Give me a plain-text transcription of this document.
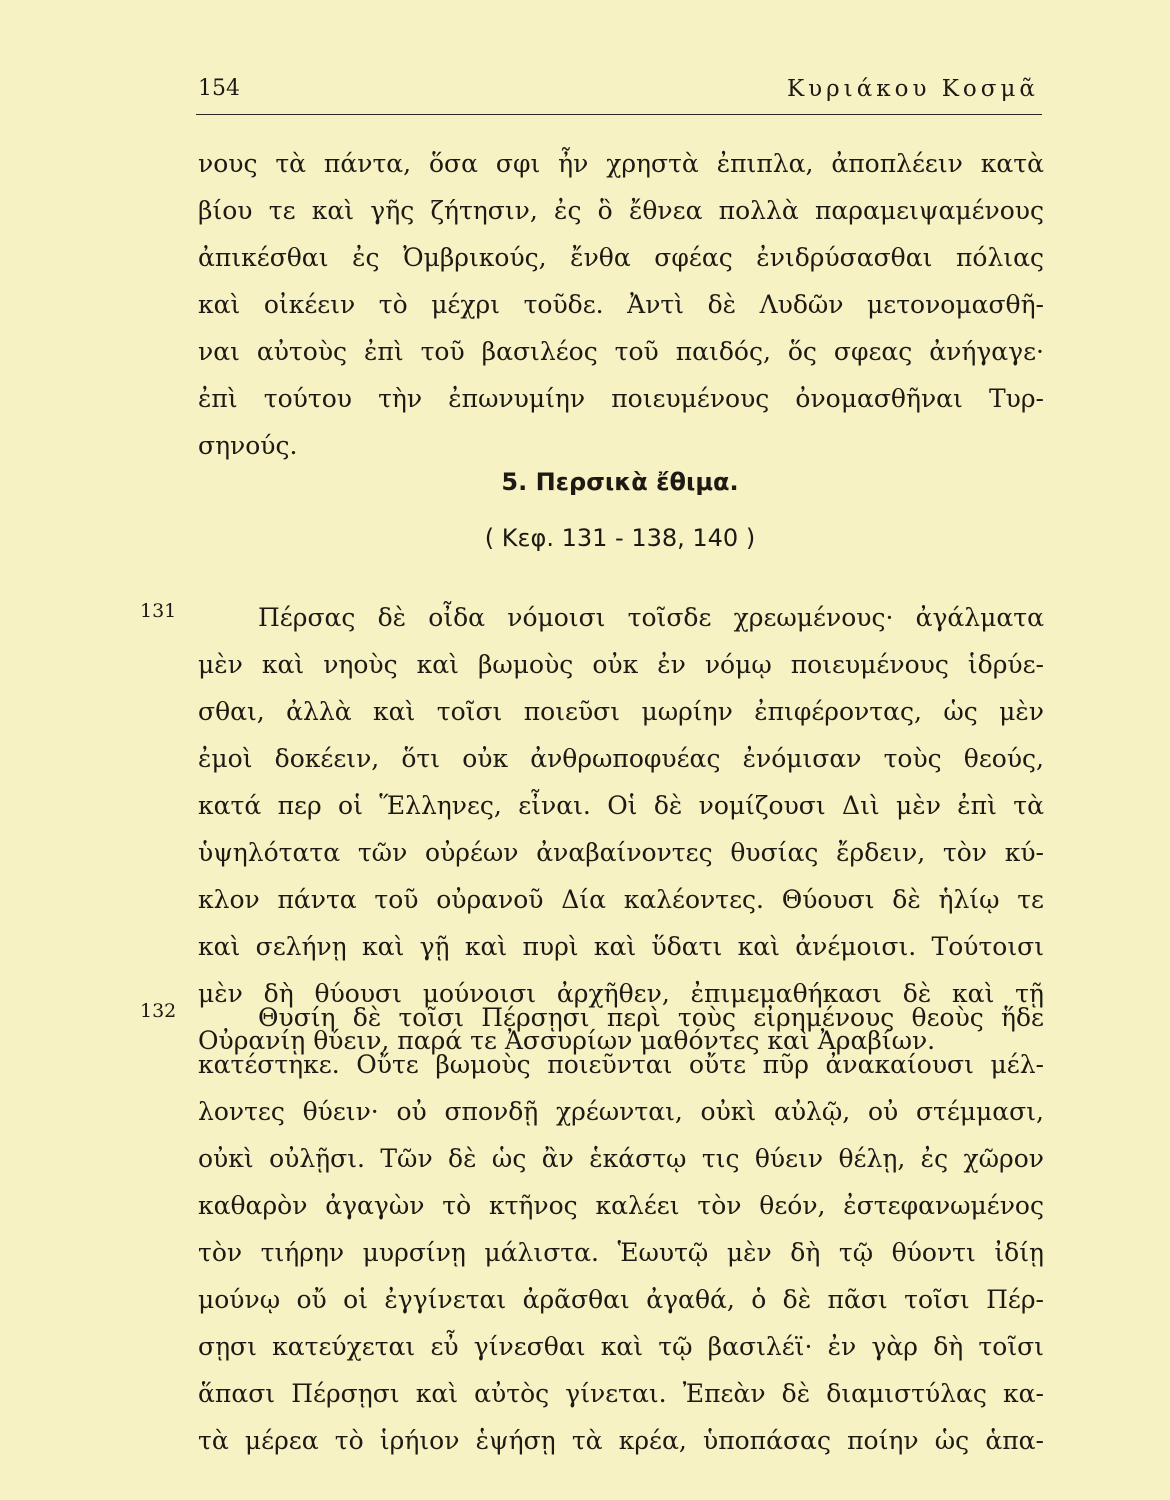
154	Κυριάκου Κοσμᾶ
νους τὰ πάντα, ὅσα σφι ἦν χρηστὰ ἐπιπλα, ἀποπλέειν κατὰ
βίου τε καὶ γῆς ζήτησιν, ἐς ὃ ἔθνεα πολλὰ παραμειψαμένους
ἀπικέσθαι ἐς Ὀμβρικούς, ἔνθα σφέας ἐνιδρύσασθαι πόλιας
καὶ οἰκέειν τὸ μέχρι τοῦδε. Ἀντὶ δὲ Λυδῶν μετονομασθῆ-
ναι αὐτοὺς ἐπὶ τοῦ βασιλέος τοῦ παιδός, ὅς σφεας ἀνήγαγε·
ἐπὶ τούτου τὴν ἐπωνυμίην ποιευμένους ὀνομασθῆναι Τυρ-
σηνούς.
5. Περσικὰ ἔθιμα.
( Κεφ. 131 - 138, 140 )
131	Πέρσας δὲ οἶδα νόμοισι τοῖσδε χρεωμένους· ἀγάλματα
μὲν καὶ νηοὺς καὶ βωμοὺς οὐκ ἐν νόμῳ ποιευμένους ἱδρύε-
σθαι, ἀλλὰ καὶ τοῖσι ποιεῦσι μωρίην ἐπιφέροντας, ὡς μὲν
ἐμοὶ δοκέειν, ὅτι οὐκ ἀνθρωποφυέας ἐνόμισαν τοὺς θεούς,
κατά περ οἱ Ἕλληνες, εἶναι. Οἱ δὲ νομίζουσι Διὶ μὲν ἐπὶ τὰ
ὑψηλότατα τῶν οὐρέων ἀναβαίνοντες θυσίας ἔρδειν, τὸν κύ-
κλον πάντα τοῦ οὐρανοῦ Δία καλέοντες. Θύουσι δὲ ἡλίῳ τε
καὶ σελήνῃ καὶ γῇ καὶ πυρὶ καὶ ὕδατι καὶ ἀνέμοισι. Τούτοισι
μὲν δὴ θύουσι μούνοισι ἀρχῆθεν, ἐπιμεμαθήκασι δὲ καὶ τῇ
Οὐρανίῃ θύειν, παρά τε Ἀσσυρίων μαθόντες καὶ Ἀραβίων.
132	Θυσίη δὲ τοῖσι Πέρσῃσι περὶ τοὺς εἰρημένους θεοὺς ἥδε
κατέστηκε. Οὔτε βωμοὺς ποιεῦνται οὔτε πῦρ ἀνακαίουσι μέλ-
λοντες θύειν· οὐ σπονδῇ χρέωνται, οὐκὶ αὐλῷ, οὐ στέμμασι,
οὐκὶ οὐλῇσι. Τῶν δὲ ὡς ἂν ἑκάστῳ τις θύειν θέλῃ, ἐς χῶρον
καθαρὸν ἀγαγὼν τὸ κτῆνος καλέει τὸν θεόν, ἐστεφανωμένος
τὸν τιήρην μυρσίνῃ μάλιστα. Ἑωυτῷ μὲν δὴ τῷ θύοντι ἰδίῃ
μούνῳ οὔ οἱ ἐγγίνεται ἀρᾶσθαι ἀγαθά, ὁ δὲ πᾶσι τοῖσι Πέρ-
σῃσι κατεύχεται εὖ γίνεσθαι καὶ τῷ βασιλέϊ· ἐν γὰρ δὴ τοῖσι
ἅπασι Πέρσῃσι καὶ αὐτὸς γίνεται. Ἐπεὰν δὲ διαμιστύλας κα-
τὰ μέρεα τὸ ἱρήιον ἑψήσῃ τὰ κρέα, ὑποπάσας ποίην ὡς ἁπα-
